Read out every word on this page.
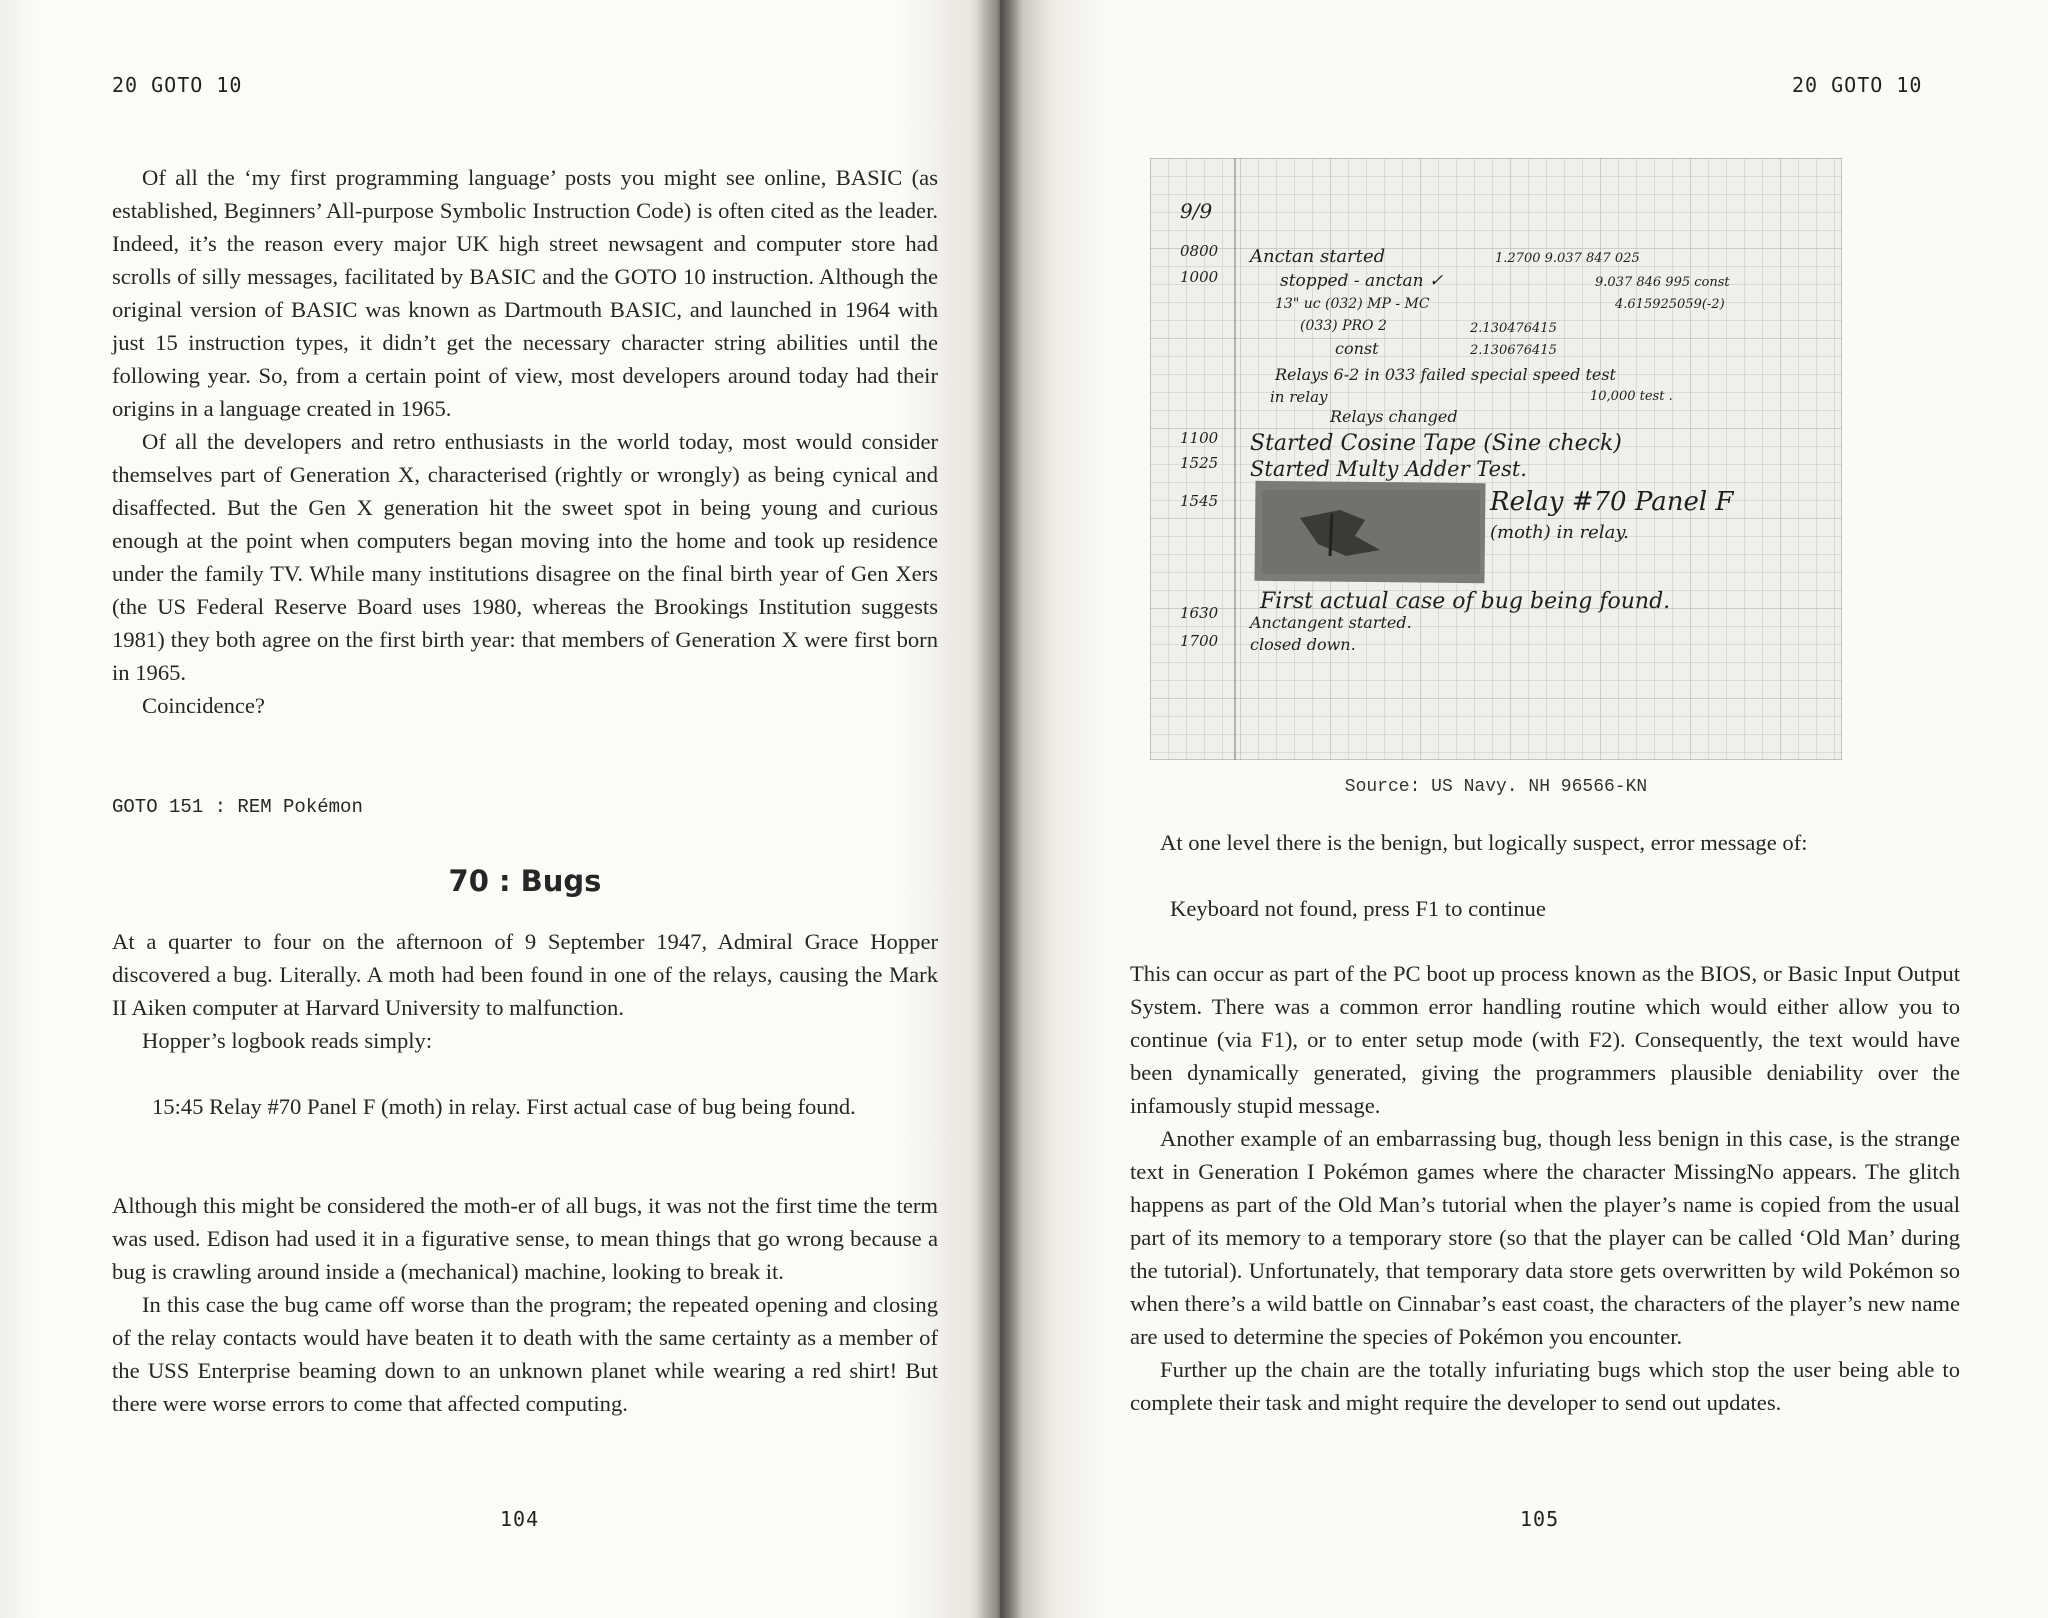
20 GOTO 10

Of all the ‘my first programming language’ posts you might see online, BASIC (as established, Beginners’ All-purpose Symbolic Instruction Code) is often cited as the leader. Indeed, it’s the reason every major UK high street newsagent and computer store had scrolls of silly messages, facilitated by BASIC and the GOTO 10 instruction. Although the original version of BASIC was known as Dartmouth BASIC, and launched in 1964 with just 15 instruction types, it didn’t get the necessary character string abilities until the following year. So, from a certain point of view, most developers around today had their origins in a language created in 1965.

Of all the developers and retro enthusiasts in the world today, most would consider themselves part of Generation X, characterised (rightly or wrongly) as being cynical and disaffected. But the Gen X generation hit the sweet spot in being young and curious enough at the point when computers began moving into the home and took up residence under the family TV. While many institutions disagree on the final birth year of Gen Xers (the US Federal Reserve Board uses 1980, whereas the Brookings Institution suggests 1981) they both agree on the first birth year: that members of Generation X were first born in 1965.

Coincidence?

GOTO 151 : REM Pokémon

70 : Bugs

At a quarter to four on the afternoon of 9 September 1947, Admiral Grace Hopper discovered a bug. Literally. A moth had been found in one of the relays, causing the Mark II Aiken computer at Harvard University to malfunction.

Hopper’s logbook reads simply:

15:45 Relay #70 Panel F (moth) in relay. First actual case of bug being found.

Although this might be considered the moth-er of all bugs, it was not the first time the term was used. Edison had used it in a figurative sense, to mean things that go wrong because a bug is crawling around inside a (mechanical) machine, looking to break it.

In this case the bug came off worse than the program; the repeated opening and closing of the relay contacts would have beaten it to death with the same certainty as a member of the USS Enterprise beaming down to an unknown planet while wearing a red shirt! But there were worse errors to come that affected computing.

104

20 GOTO 10

At one level there is the benign, but logically suspect, error message of:

Keyboard not found, press F1 to continue

This can occur as part of the PC boot up process known as the BIOS, or Basic Input Output System. There was a common error handling routine which would either allow you to continue (via F1), or to enter setup mode (with F2). Consequently, the text would have been dynamically generated, giving the programmers plausible deniability over the infamously stupid message.

Another example of an embarrassing bug, though less benign in this case, is the strange text in Generation I Pokémon games where the character MissingNo appears. The glitch happens as part of the Old Man’s tutorial when the player’s name is copied from the usual part of its memory to a temporary store (so that the player can be called ‘Old Man’ during the tutorial). Unfortunately, that temporary data store gets overwritten by wild Pokémon so when there’s a wild battle on Cinnabar’s east coast, the characters of the player’s new name are used to determine the species of Pokémon you encounter.

Further up the chain are the totally infuriating bugs which stop the user being able to complete their task and might require the developer to send out updates.

105

9/9
0800
1000
1100
1525
1545
1630
1700
Anctan started
stopped - anctan ✓
13" uc (032) MP - MC
(033) PRO 2
const
1.2700 9.037 847 025
9.037 846 995 const
4.615925059(-2)
2.130476415
2.130676415
Relays 6-2 in 033 failed special speed test
in relay	10,000 test .
Relays changed
Started Cosine Tape (Sine check)
Started Multy Adder Test.
Relay #70 Panel F
(moth) in relay.
First actual case of bug being found.
Anctangent started.
closed down.

Source: US Navy. NH 96566-KN
